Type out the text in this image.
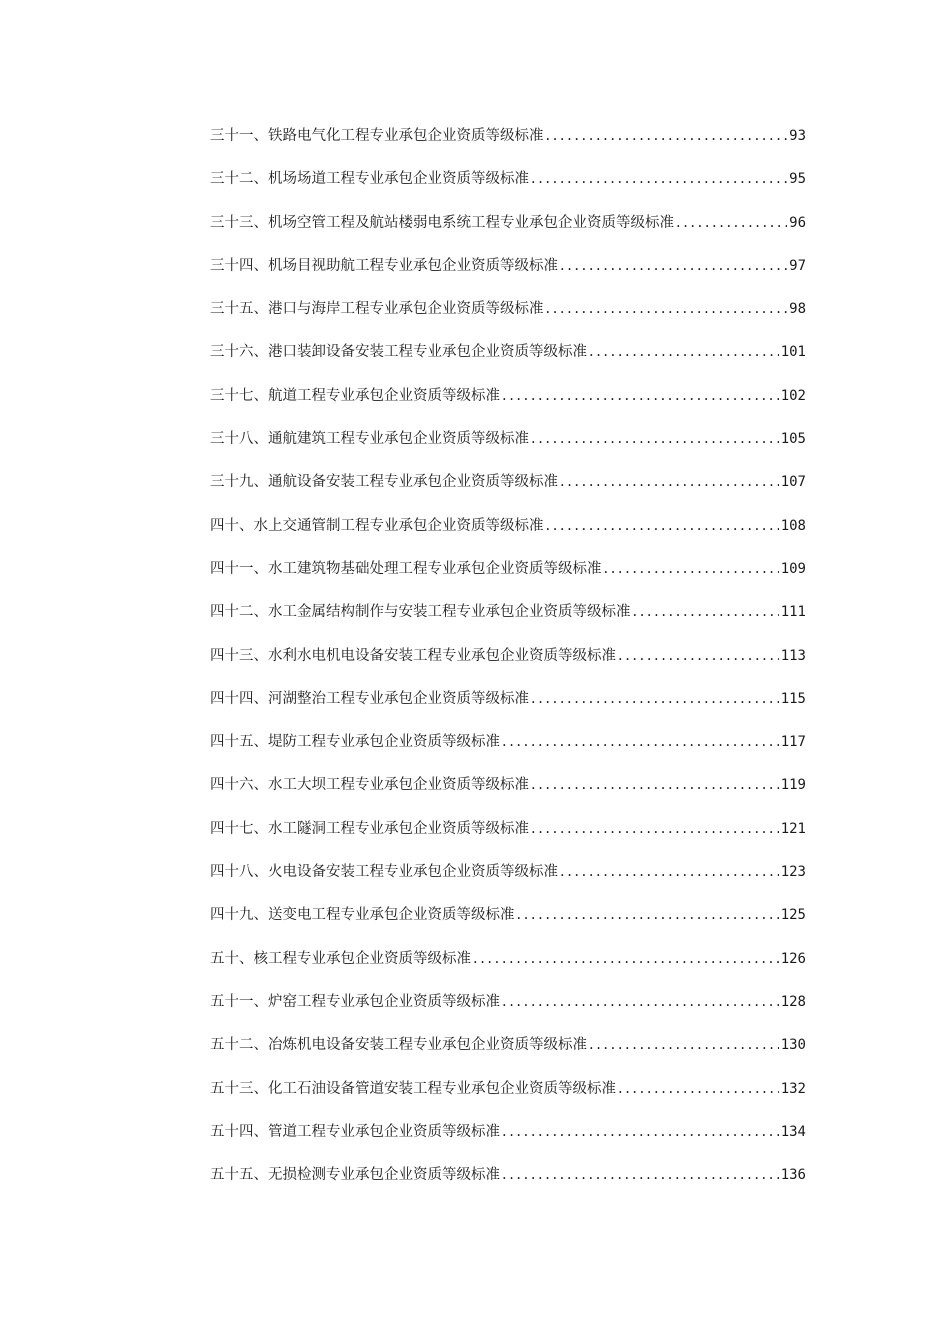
三十一、铁路电气化工程专业承包企业资质等级标准 .....	93
三十二、机场场道工程专业承包企业资质等级标准 .....	95
三十三、机场空管工程及航站楼弱电系统工程专业承包企业资质等级标准 .....	96
三十四、机场目视助航工程专业承包企业资质等级标准 .....	97
三十五、港口与海岸工程专业承包企业资质等级标准 .....	98
三十六、港口装卸设备安装工程专业承包企业资质等级标准 .....	101
三十七、航道工程专业承包企业资质等级标准 .....	102
三十八、通航建筑工程专业承包企业资质等级标准 .....	105
三十九、通航设备安装工程专业承包企业资质等级标准 .....	107
四十、水上交通管制工程专业承包企业资质等级标准 .....	108
四十一、水工建筑物基础处理工程专业承包企业资质等级标准 .....	109
四十二、水工金属结构制作与安装工程专业承包企业资质等级标准 .....	111
四十三、水利水电机电设备安装工程专业承包企业资质等级标准 .....	113
四十四、河湖整治工程专业承包企业资质等级标准 .....	115
四十五、堤防工程专业承包企业资质等级标准 .....	117
四十六、水工大坝工程专业承包企业资质等级标准 .....	119
四十七、水工隧洞工程专业承包企业资质等级标准 .....	121
四十八、火电设备安装工程专业承包企业资质等级标准 .....	123
四十九、送变电工程专业承包企业资质等级标准 .....	125
五十、核工程专业承包企业资质等级标准 .....	126
五十一、炉窑工程专业承包企业资质等级标准 .....	128
五十二、冶炼机电设备安装工程专业承包企业资质等级标准 .....	130
五十三、化工石油设备管道安装工程专业承包企业资质等级标准 .....	132
五十四、管道工程专业承包企业资质等级标准 .....	134
五十五、无损检测专业承包企业资质等级标准 .....	136
